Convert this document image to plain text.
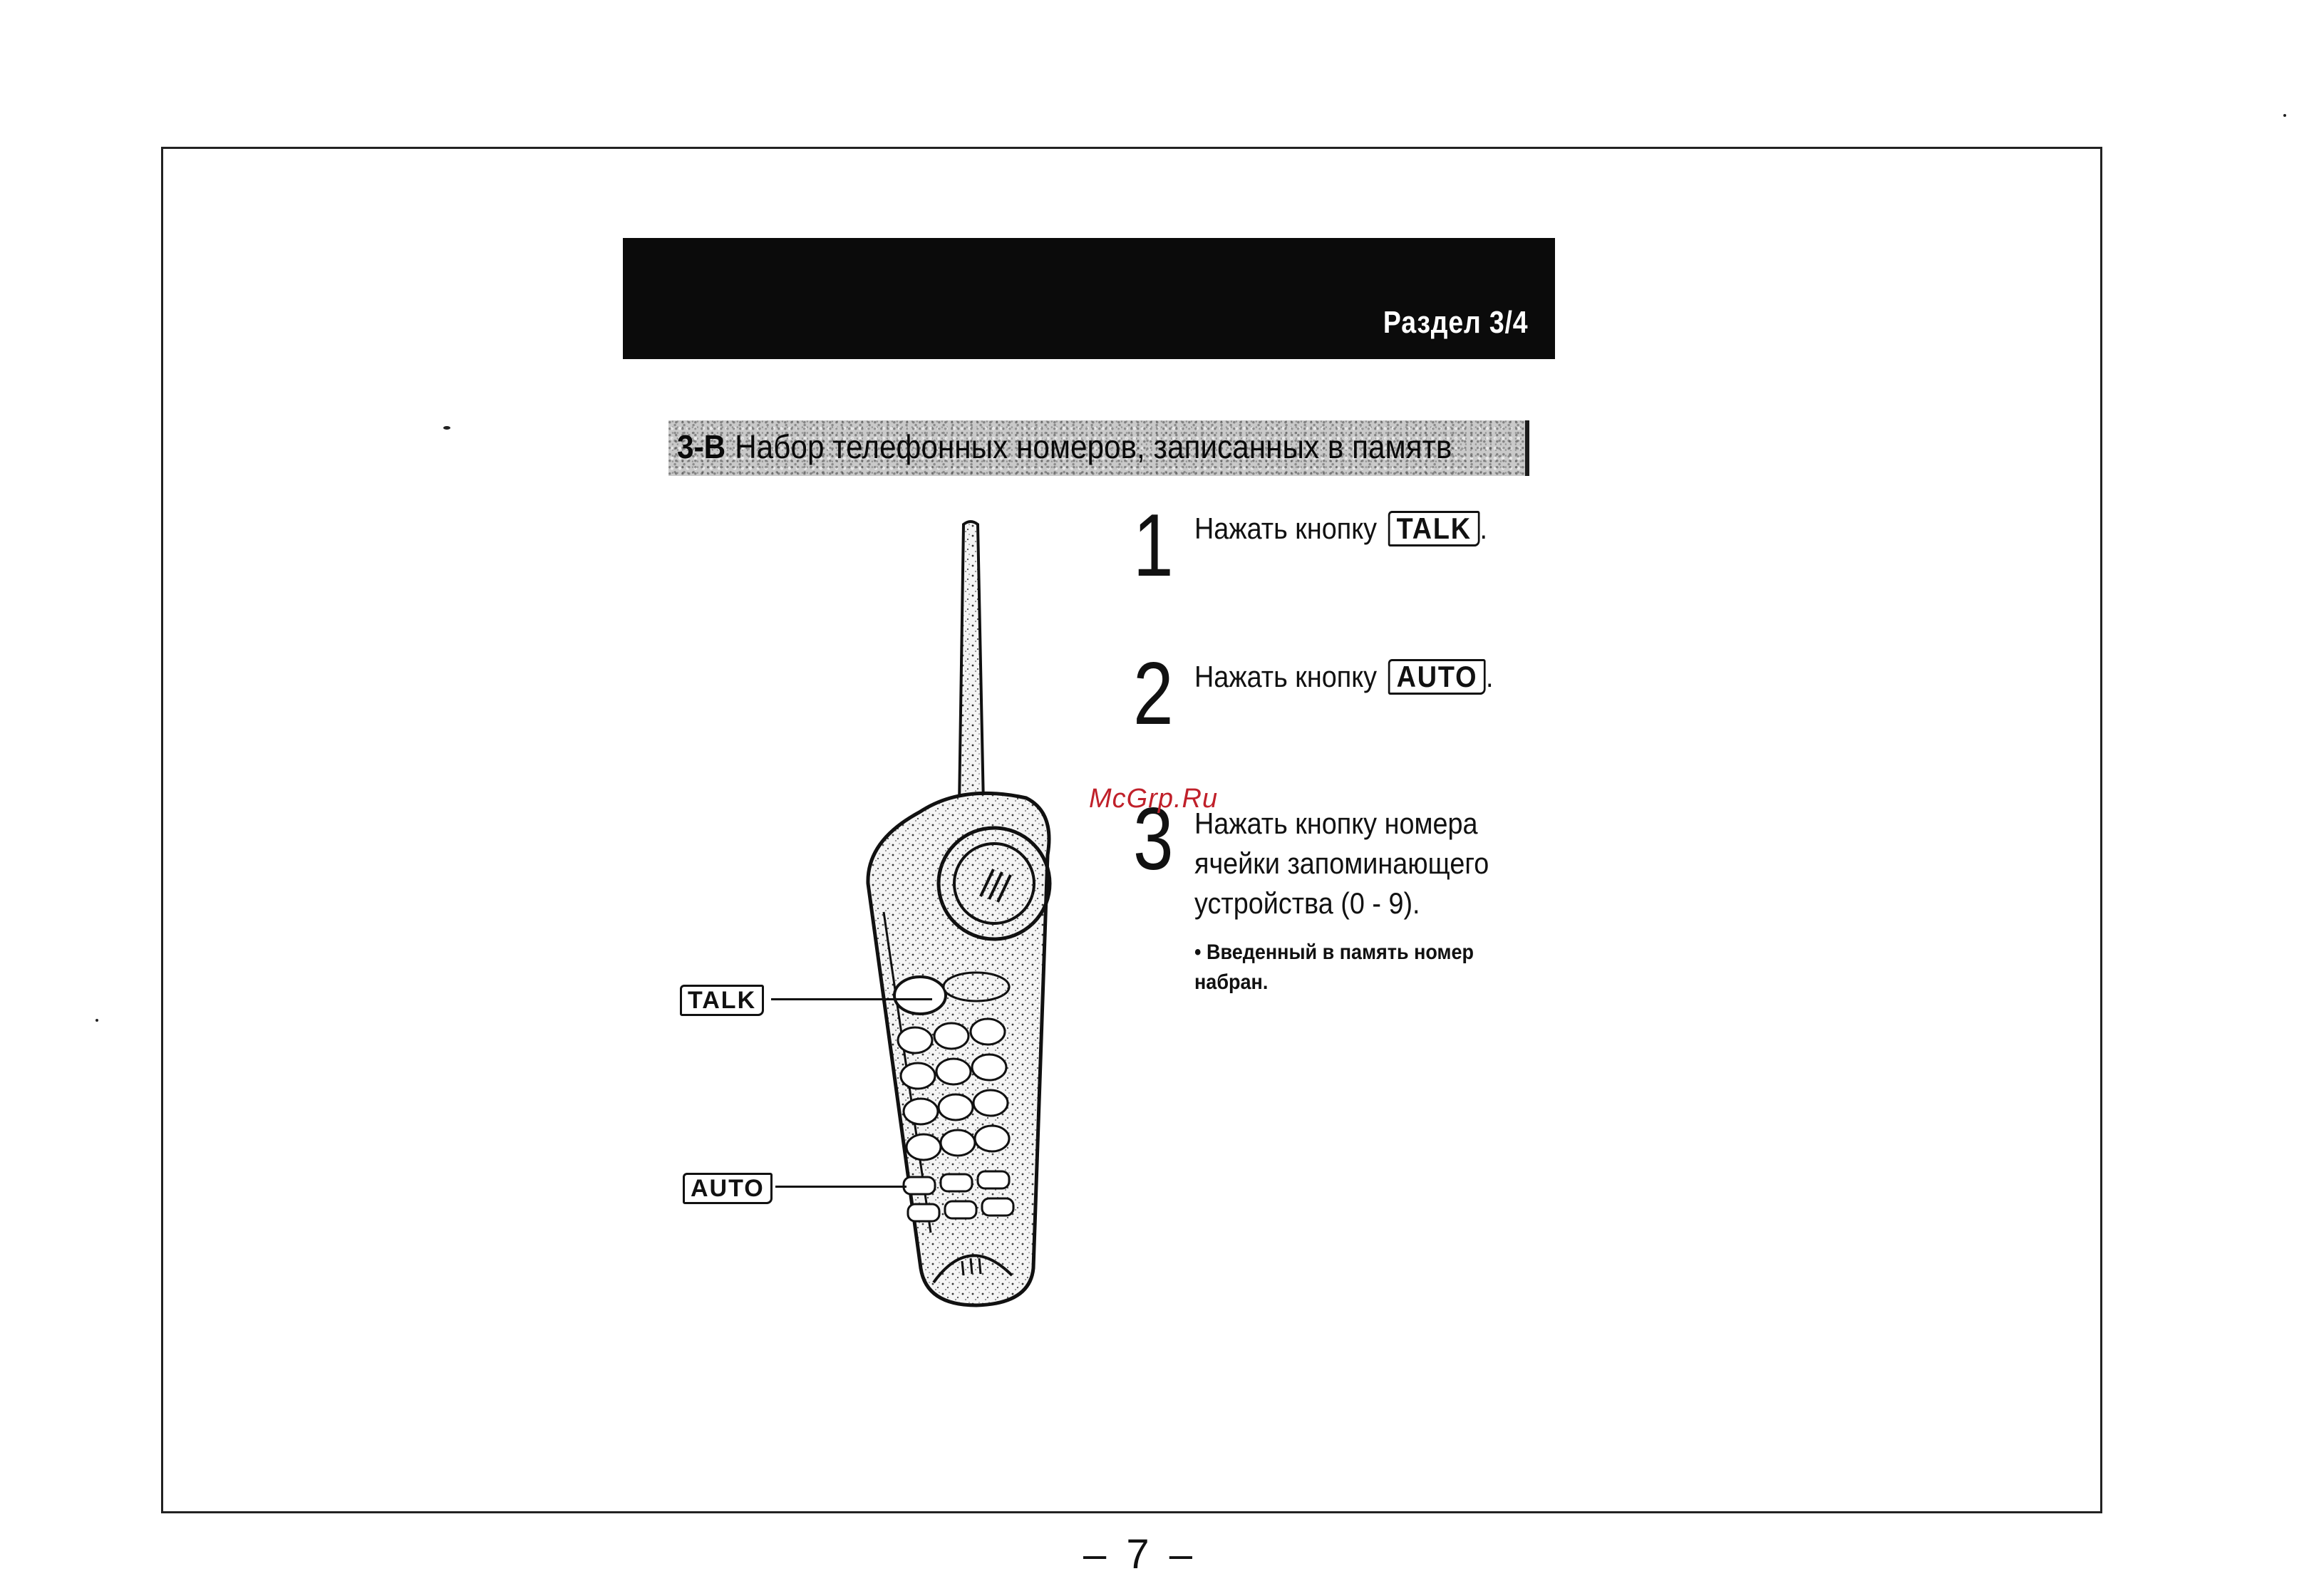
Раздел 3/4
3-B Набор телефонных номеров, записанных в памятв
1 Нажать кнопку TALK .
2 Нажать кнопку AUTO .
3 Нажать кнопку номера
ячейки запоминающего
устройства (0 - 9).
• Введенный в память номер
набран.
McGrp.Ru
TALK
AUTO
– 7 –
